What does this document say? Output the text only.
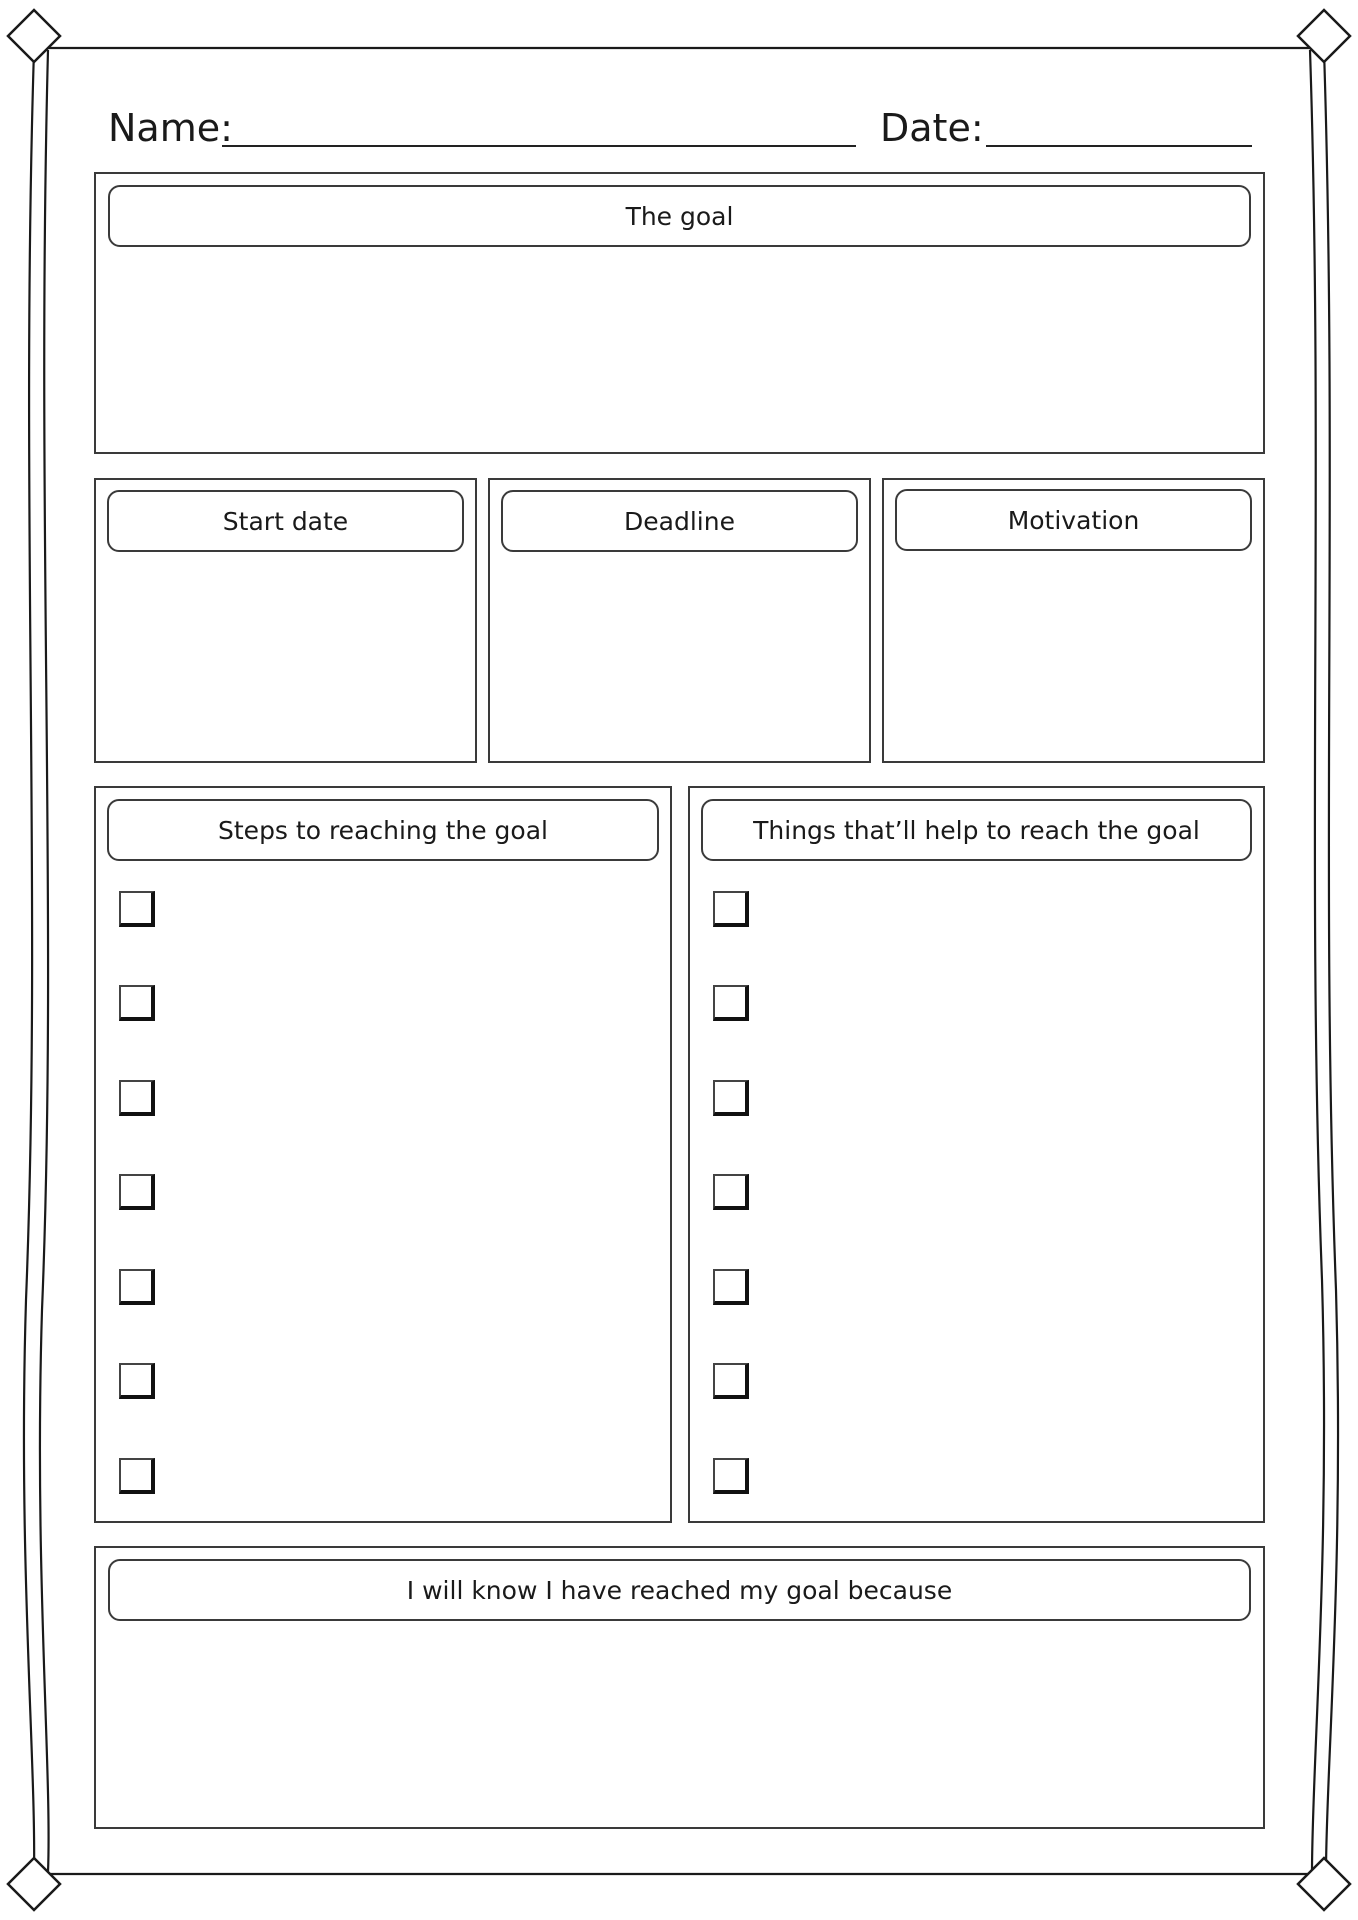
Name:	Date:
The goal
Start date	Deadline	Motivation
Steps to reaching the goal	Things that’ll help to reach the goal
I will know I have reached my goal because
